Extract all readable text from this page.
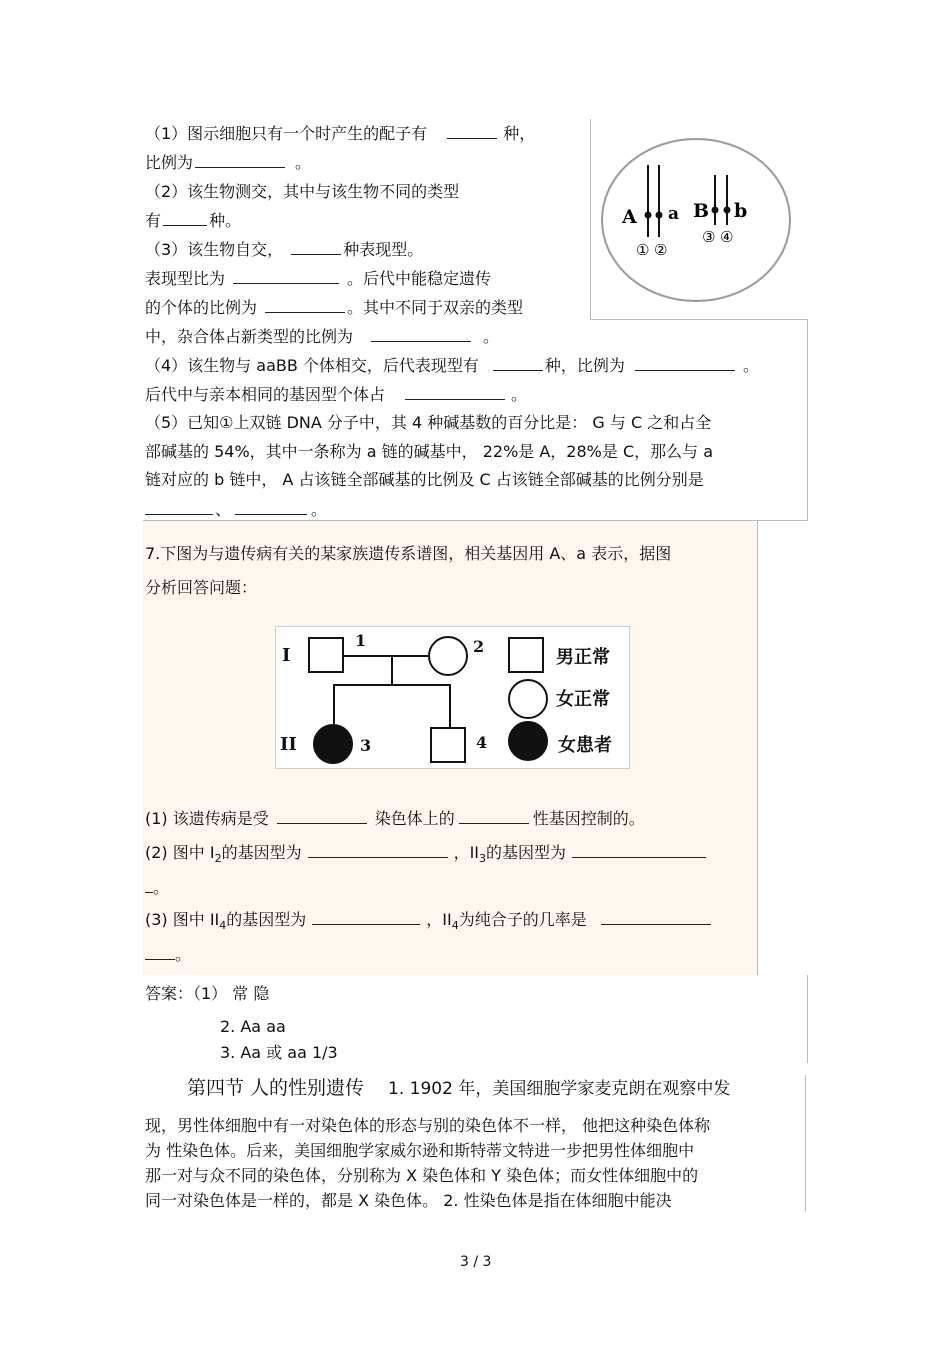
（1）图示细胞只有一个时产生的配子有	种，
比例为	。
（2）该生物测交，其中与该生物不同的类型
有	种。
（3）该生物自交，	种表现型。
表现型比为	。后代中能稳定遗传
的个体的比例为	。其中不同于双亲的类型
中，杂合体占新类型的比例为	。
（4）该生物与 aaBB 个体相交，后代表现型有	种，比例为	。
后代中与亲本相同的基因型个体占	。
（5）已知①上双链 DNA 分子中，其 4 种碱基数的百分比是： G 与 C 之和占全
部碱基的 54%，其中一条称为 a 链的碱基中， 22%是 A，28%是 C，那么与 a
链对应的 b 链中， A 占该链全部碱基的比例及 C 占该链全部碱基的比例分别是
、	。
A a B b
① ②
③ ④
7.下图为与遗传病有关的某家族遗传系谱图，相关基因用 A、a 表示，据图
分析回答问题：
I
II
1	2
3	4
男正常
女正常
女患者
(1) 该遗传病是受	染色体上的	性基因控制的。
(2) 图中 $I_2$的基因型为	，$II_3$的基因型为
。
(3) 图中 $II_4$的基因型为	，$II_4$为纯合子的几率是
。
答案：（1） 常 隐
2. Aa aa
3. Aa 或 aa 1/3
第四节 人的性别遗传 1. 1902 年，美国细胞学家麦克朗在观察中发
现，男性体细胞中有一对染色体的形态与别的染色体不一样， 他把这种染色体称
为 性染色体。后来，美国细胞学家威尔逊和斯特蒂文特进一步把男性体细胞中
那一对与众不同的染色体，分别称为 X 染色体和 Y 染色体；而女性体细胞中的
同一对染色体是一样的，都是 X 染色体。 2. 性染色体是指在体细胞中能决
3 / 3
